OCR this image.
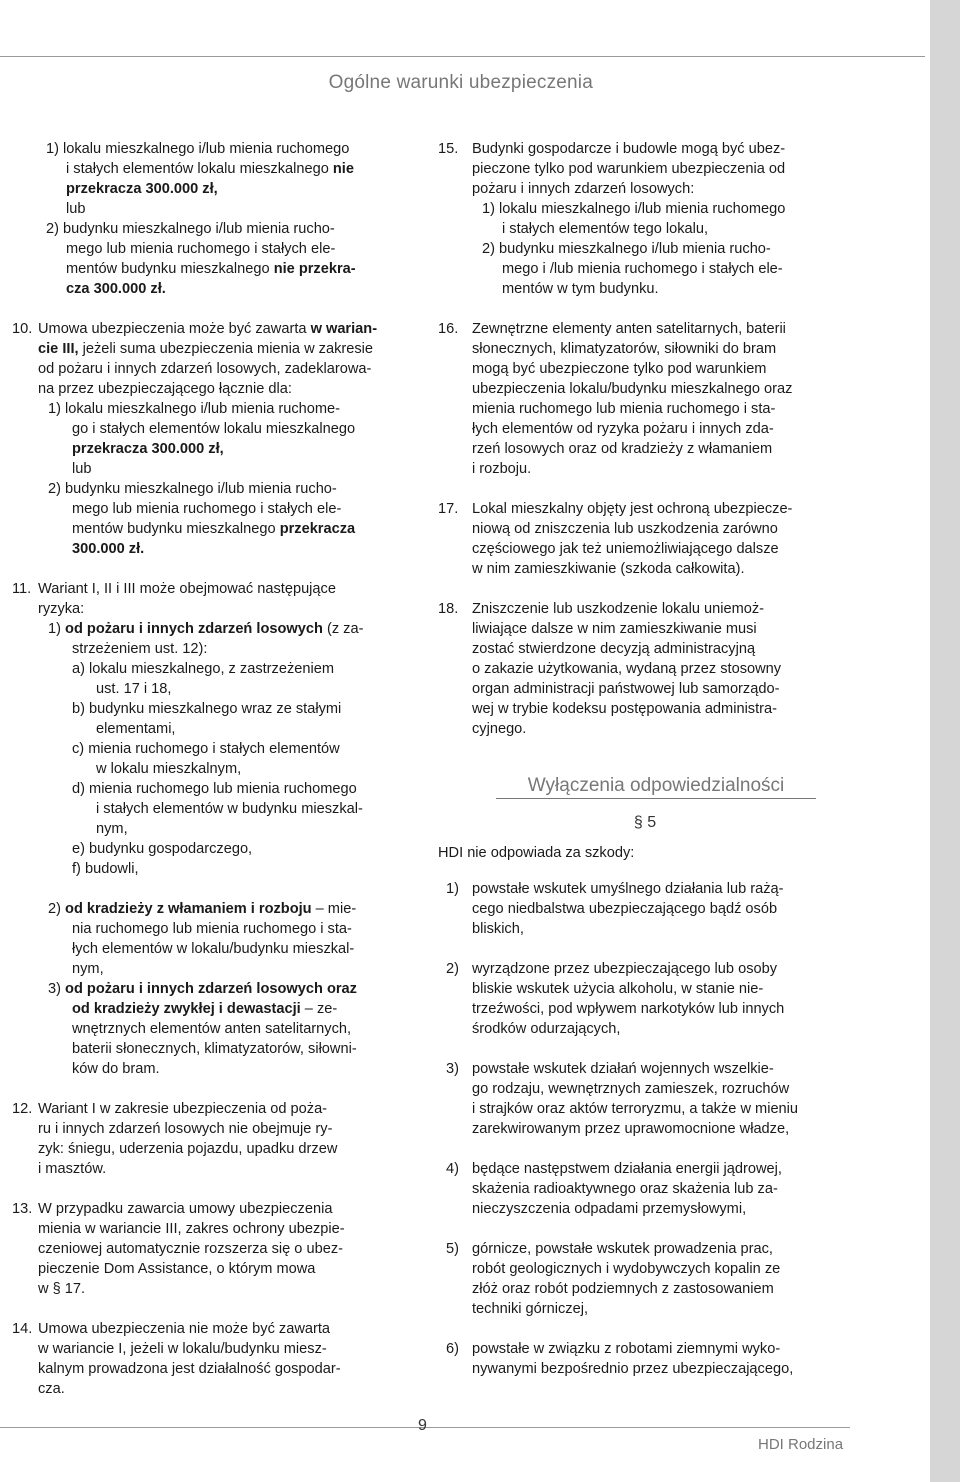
Ogólne warunki ubezpieczenia
1) lokalu mieszkalnego i/lub mienia ruchomego
i stałych elementów lokalu mieszkalnego nie
przekracza 300.000 zł,
lub
2) budynku mieszkalnego i/lub mienia rucho-
mego lub mienia ruchomego i stałych ele-
mentów budynku mieszkalnego nie przekra-
cza 300.000 zł.
10. Umowa ubezpieczenia może być zawarta w warian-
cie III, jeżeli suma ubezpieczenia mienia w zakresie
od pożaru i innych zdarzeń losowych, zadeklarowa-
na przez ubezpieczającego łącznie dla:
1) lokalu mieszkalnego i/lub mienia ruchome-
go i stałych elementów lokalu mieszkalnego
przekracza 300.000 zł,
lub
2) budynku mieszkalnego i/lub mienia rucho-
mego lub mienia ruchomego i stałych ele-
mentów budynku mieszkalnego przekracza
300.000 zł.
11. Wariant I, II i III może obejmować następujące
ryzyka:
1) od pożaru i innych zdarzeń losowych (z za-
strzeżeniem ust. 12):
a) lokalu mieszkalnego, z zastrzeżeniem
ust. 17 i 18,
b) budynku mieszkalnego wraz ze stałymi
elementami,
c) mienia ruchomego i stałych elementów
w lokalu mieszkalnym,
d) mienia ruchomego lub mienia ruchomego
i stałych elementów w budynku mieszkal-
nym,
e) budynku gospodarczego,
f) budowli,
2) od kradzieży z włamaniem i rozboju – mie-
nia ruchomego lub mienia ruchomego i sta-
łych elementów w lokalu/budynku mieszkal-
nym,
3) od pożaru i innych zdarzeń losowych oraz
od kradzieży zwykłej i dewastacji – ze-
wnętrznych elementów anten satelitarnych,
baterii słonecznych, klimatyzatorów, siłowni-
ków do bram.
12. Wariant I w zakresie ubezpieczenia od poża-
ru i innych zdarzeń losowych nie obejmuje ry-
zyk: śniegu, uderzenia pojazdu, upadku drzew
i masztów.
13. W przypadku zawarcia umowy ubezpieczenia
mienia w wariancie III, zakres ochrony ubezpie-
czeniowej automatycznie rozszerza się o ubez-
pieczenie Dom Assistance, o którym mowa
w § 17.
14. Umowa ubezpieczenia nie może być zawarta
w wariancie I, jeżeli w lokalu/budynku miesz-
kalnym prowadzona jest działalność gospodar-
cza.
15. Budynki gospodarcze i budowle mogą być ubez-
pieczone tylko pod warunkiem ubezpieczenia od
pożaru i innych zdarzeń losowych:
1) lokalu mieszkalnego i/lub mienia ruchomego
i stałych elementów tego lokalu,
2) budynku mieszkalnego i/lub mienia rucho-
mego i /lub mienia ruchomego i stałych ele-
mentów w tym budynku.
16. Zewnętrzne elementy anten satelitarnych, baterii
słonecznych, klimatyzatorów, siłowniki do bram
mogą być ubezpieczone tylko pod warunkiem
ubezpieczenia lokalu/budynku mieszkalnego oraz
mienia ruchomego lub mienia ruchomego i sta-
łych elementów od ryzyka pożaru i innych zda-
rzeń losowych oraz od kradzieży z włamaniem
i rozboju.
17. Lokal mieszkalny objęty jest ochroną ubezpiecze-
niową od zniszczenia lub uszkodzenia zarówno
częściowego jak też uniemożliwiającego dalsze
w nim zamieszkiwanie (szkoda całkowita).
18. Zniszczenie lub uszkodzenie lokalu uniemoż-
liwiające dalsze w nim zamieszkiwanie musi
zostać stwierdzone decyzją administracyjną
o zakazie użytkowania, wydaną przez stosowny
organ administracji państwowej lub samorządo-
wej w trybie kodeksu postępowania administra-
cyjnego.
Wyłączenia odpowiedzialności
§ 5
HDI nie odpowiada za szkody:
1) powstałe wskutek umyślnego działania lub rażą-
cego niedbalstwa ubezpieczającego bądź osób
bliskich,
2) wyrządzone przez ubezpieczającego lub osoby
bliskie wskutek użycia alkoholu, w stanie nie-
trzeźwości, pod wpływem narkotyków lub innych
środków odurzających,
3) powstałe wskutek działań wojennych wszelkie-
go rodzaju, wewnętrznych zamieszek, rozruchów
i strajków oraz aktów terroryzmu, a także w mieniu
zarekwirowanym przez uprawomocnione władze,
4) będące następstwem działania energii jądrowej,
skażenia radioaktywnego oraz skażenia lub za-
nieczyszczenia odpadami przemysłowymi,
5) górnicze, powstałe wskutek prowadzenia prac,
robót geologicznych i wydobywczych kopalin ze
złóż oraz robót podziemnych z zastosowaniem
techniki górniczej,
6) powstałe w związku z robotami ziemnymi wyko-
nywanymi bezpośrednio przez ubezpieczającego,
9
HDI Rodzina
